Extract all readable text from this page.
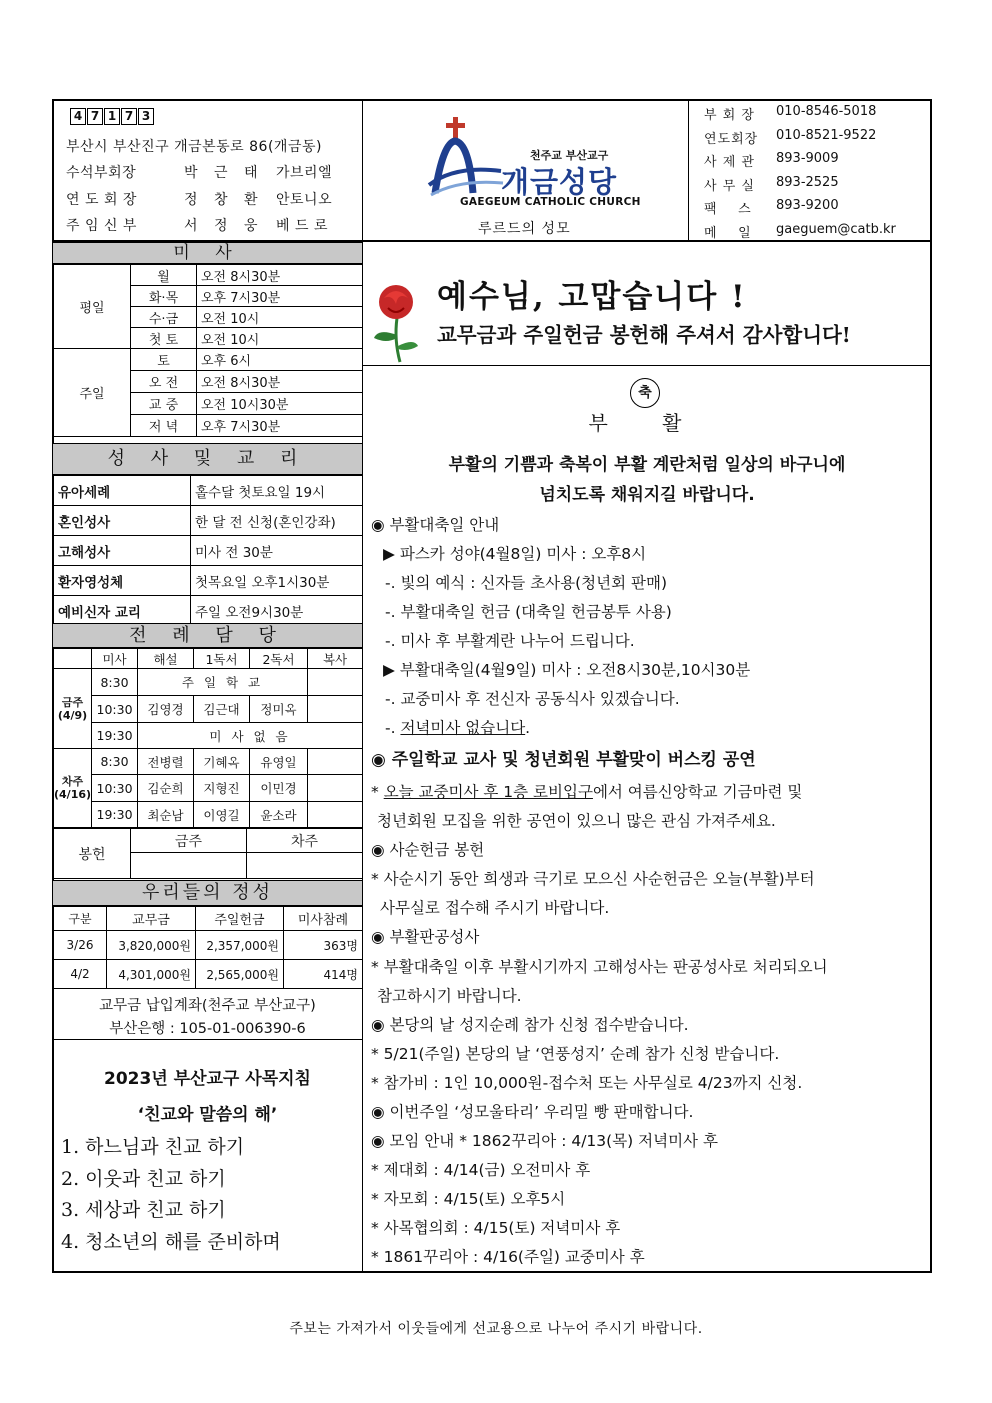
4 7 1 7 3
부산시 부산진구 개금본동로 86(개금동)
수석부회장	박 근 태 가브리엘
연 도 회 장	정 창 환 안토니오
주 임 신 부	서 정 웅 베 드 로
천주교 부산교구
개금성당
GAEGEUM CATHOLIC CHURCH
루르드의 성모
부 회 장	010-8546-5018
연도회장	010-8521-9522
사 제 관	893-9009
사 무 실	893-2525
팩    스	893-9200
메    일	gaeguem@catb.kr
미 사
평일	월	오전 8시30분
	화·목	오후 7시30분
	수·금	오전 10시
	첫 토	오전 10시
주일	토	오후 6시
	오 전	오전 8시30분
	교 중	오전 10시30분
	저 녁	오후 7시30분
성 사 및 교 리
유아세례	홀수달 첫토요일 19시
혼인성사	한 달 전 신청(혼인강좌)
고해성사	미사 전 30분
환자영성체	첫목요일 오후1시30분
예비신자 교리	주일 오전9시30분
전 례 담 당
	미사	해설	1독서	2독서	복사
금주(4/9)	8:30	주 일 학 교			
	10:30	김영경	김근대	정미옥	
	19:30	미 사 없 음			
차주(4/16)	8:30	전병렬	기혜옥	유영일	
	10:30	김순희	지형진	이민경	
	19:30	최순남	이영길	윤소라	
봉헌	금주	차주

우리들의 정성
구분	교무금	주일헌금	미사참례
3/26	3,820,000원	2,357,000원	363명
4/2	4,301,000원	2,565,000원	414명
교무금 납입계좌(천주교 부산교구)
부산은행 : 105-01-006390-6
2023년 부산교구 사목지침
‘친교와 말씀의 해’
1. 하느님과 친교 하기
2. 이웃과 친교 하기
3. 세상과 친교 하기
4. 청소년의 해를 준비하며
예수님, 고맙습니다 !
교무금과 주일헌금 봉헌해 주셔서 감사합니다!
축
부 활
부활의 기쁨과 축복이 부활 계란처럼 일상의 바구니에
넘치도록 채워지길 바랍니다.
◉ 부활대축일 안내
▶ 파스카 성야(4월8일) 미사 : 오후8시
-. 빛의 예식 : 신자들 초사용(청년회 판매)
-. 부활대축일 헌금 (대축일 헌금봉투 사용)
-. 미사 후 부활계란 나누어 드립니다.
▶ 부활대축일(4월9일) 미사 : 오전8시30분,10시30분
-. 교중미사 후 전신자 공동식사 있겠습니다.
-. 저녁미사 없습니다.
◉ 주일학교 교사 및 청년회원 부활맞이 버스킹 공연
* 오늘 교중미사 후 1층 로비입구에서 여름신앙학교 기금마련 및
청년회원 모집을 위한 공연이 있으니 많은 관심 가져주세요.
◉ 사순헌금 봉헌
* 사순시기 동안 희생과 극기로 모으신 사순헌금은 오늘(부활)부터
사무실로 접수해 주시기 바랍니다.
◉ 부활판공성사
* 부활대축일 이후 부활시기까지 고해성사는 판공성사로 처리되오니
참고하시기 바랍니다.
◉ 본당의 날 성지순례 참가 신청 접수받습니다.
* 5/21(주일) 본당의 날 ‘연풍성지’ 순례 참가 신청 받습니다.
* 참가비 : 1인 10,000원-접수처 또는 사무실로 4/23까지 신청.
◉ 이번주일 ‘성모울타리’ 우리밀 빵 판매합니다.
◉ 모임 안내 * 1862꾸리아 : 4/13(목) 저녁미사 후
* 제대회 : 4/14(금) 오전미사 후
* 자모회 : 4/15(토) 오후5시
* 사목협의회 : 4/15(토) 저녁미사 후
* 1861꾸리아 : 4/16(주일) 교중미사 후
주보는 가져가서 이웃들에게 선교용으로 나누어 주시기 바랍니다.
